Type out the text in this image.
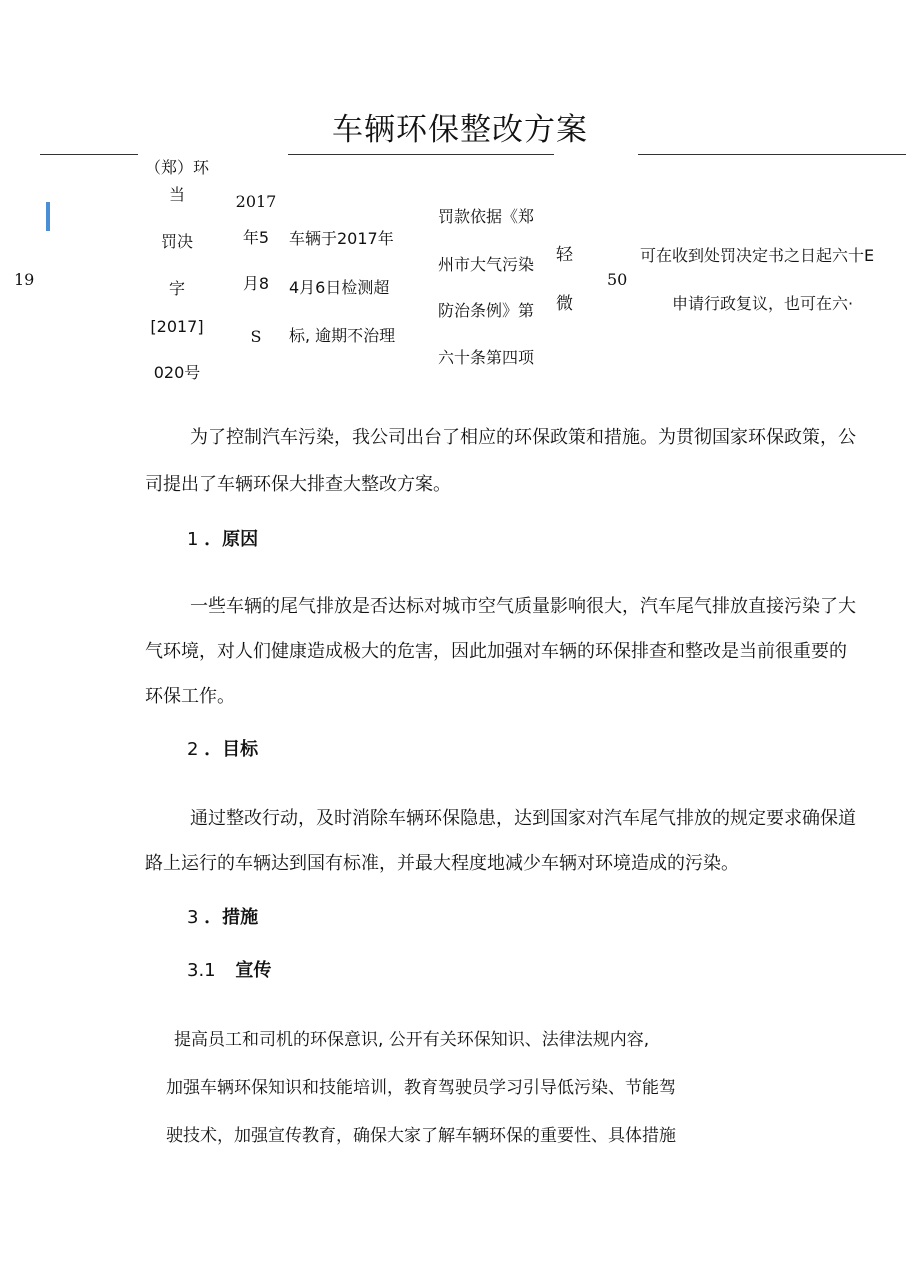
车辆环保整改方案
19
（郑）环
当
罚决
字
[2017]
020号
2017
年5
月8
S
车辆于2017年
4月6日检测超
标, 逾期不治理
罚款依据《郑
州市大气污染
防治条例》第
六十条第四项
轻
微
50
可在收到处罚决定书之日起六十E
申请行政复议，也可在六·
为了控制汽车污染，我公司出台了相应的环保政策和措施。为贯彻国家环保政策，公
司提出了车辆环保大排查大整改方案。
1 ．原因
一些车辆的尾气排放是否达标对城市空气质量影响很大，汽车尾气排放直接污染了大
气环境，对人们健康造成极大的危害，因此加强对车辆的环保排查和整改是当前很重要的
环保工作。
2 ．目标
通过整改行动，及时消除车辆环保隐患，达到国家对汽车尾气排放的规定要求确保道
路上运行的车辆达到国有标准，并最大程度地减少车辆对环境造成的污染。
3 ．措施
3.1 宣传
提高员工和司机的环保意识, 公开有关环保知识、法律法规内容,
加强车辆环保知识和技能培训，教育驾驶员学习引导低污染、节能驾
驶技术，加强宣传教育，确保大家了解车辆环保的重要性、具体措施
